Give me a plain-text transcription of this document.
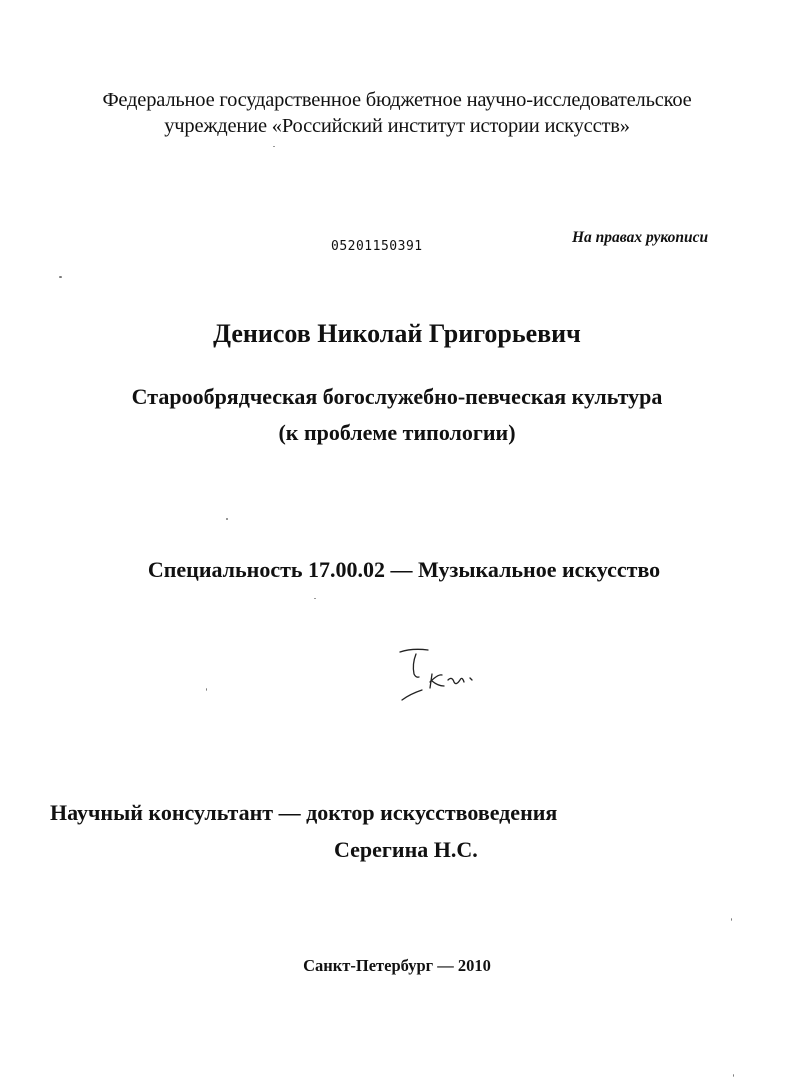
Федеральное государственное бюджетное научно-исследовательское
учреждение «Российский институт истории искусств»
05201150391
На правах рукописи
Денисов Николай Григорьевич
Старообрядческая богослужебно-певческая культура
(к проблеме типологии)
Специальность 17.00.02 — Музыкальное искусство
Научный консультант — доктор искусствоведения
Серегина Н.С.
Санкт-Петербург — 2010
